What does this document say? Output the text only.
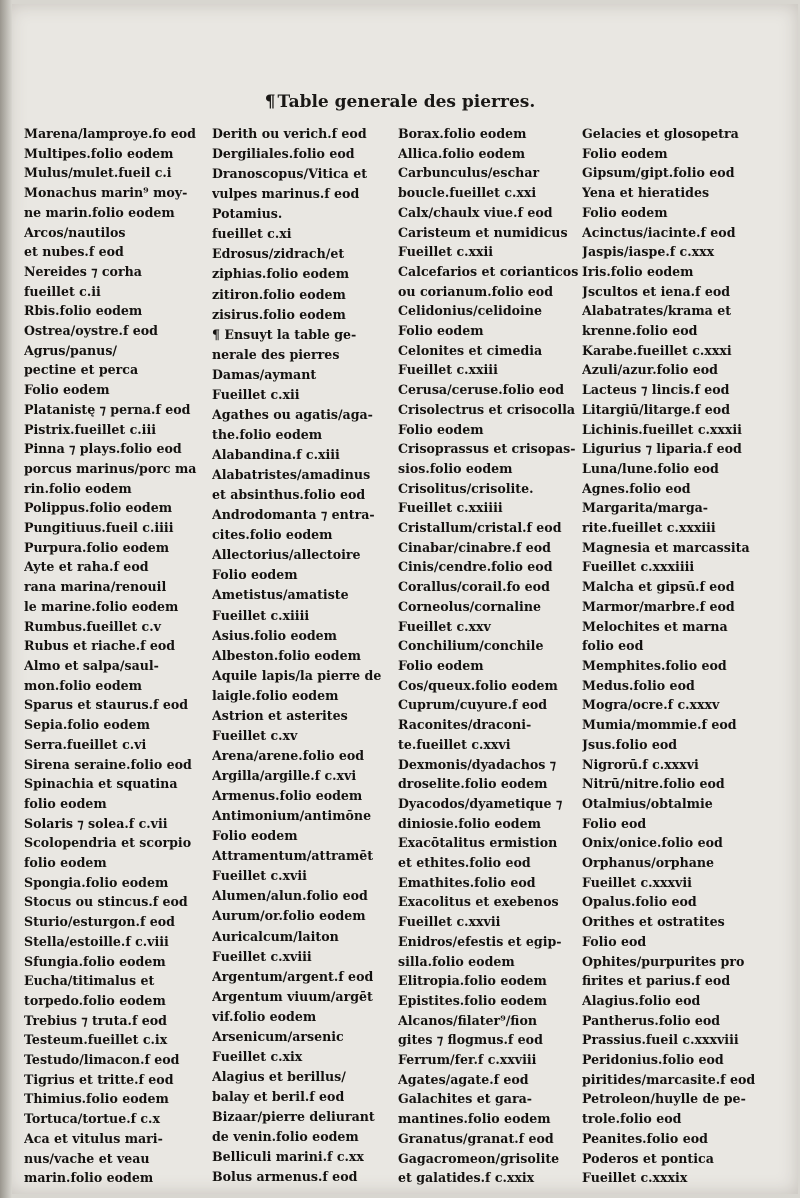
¶ Table generale des pierres.
Marena/lamproye.fo eod
Multipes.folio eodem
Mulus/mulet.fueil c.i
Monachus marin⁹ moy-
ne marin.folio eodem
Arcos/nautilos
et nubes.f eod
Nereides ⁊ corha
fueillet c.ii
Rbis.folio eodem
Ostrea/oystre.f eod
Agrus/panus/
pectine et perca
Folio eodem
Platanistę ⁊ perna.f eod
Pistrix.fueillet c.iii
Pinna ⁊ plays.folio eod
porcus marinus/porc ma
rin.folio eodem
Polippus.folio eodem
Pungitiuus.fueil c.iiii
Purpura.folio eodem
Ayte et raha.f eod
rana marina/renouil
le marine.folio eodem
Rumbus.fueillet c.v
Rubus et riache.f eod
Almo et salpa/saul-
mon.folio eodem
Sparus et staurus.f eod
Sepia.folio eodem
Serra.fueillet c.vi
Sirena seraine.folio eod
Spinachia et squatina
folio eodem
Solaris ⁊ solea.f c.vii
Scolopendria et scorpio
folio eodem
Spongia.folio eodem
Stocus ou stincus.f eod
Sturio/esturgon.f eod
Stella/estoille.f c.viii
Sfungia.folio eodem
Eucha/titimalus et
torpedo.folio eodem
Trebius ⁊ truta.f eod
Testeum.fueillet c.ix
Testudo/limacon.f eod
Tigrius et tritte.f eod
Thimius.folio eodem
Tortuca/tortue.f c.x
Aca et vitulus mari-
nus/vache et veau
marin.folio eodem
Derith ou verich.f eod
Dergiliales.folio eod
Dranoscopus/Vitica et
vulpes marinus.f eod
Potamius.
fueillet c.xi
Edrosus/zidrach/et
ziphias.folio eodem
zitiron.folio eodem
zisirus.folio eodem
¶ Ensuyt la table ge-
nerale des pierres
Damas/aymant
Fueillet c.xii
Agathes ou agatis/aga-
the.folio eodem
Alabandina.f c.xiii
Alabatristes/amadinus
et absinthus.folio eod
Androdomanta ⁊ entra-
cites.folio eodem
Allectorius/allectoire
Folio eodem
Ametistus/amatiste
Fueillet c.xiiii
Asius.folio eodem
Albeston.folio eodem
Aquile lapis/la pierre de
laigle.folio eodem
Astrion et asterites
Fueillet c.xv
Arena/arene.folio eod
Argilla/argille.f c.xvi
Armenus.folio eodem
Antimonium/antimōne
Folio eodem
Attramentum/attramēt
Fueillet c.xvii
Alumen/alun.folio eod
Aurum/or.folio eodem
Auricalcum/laiton
Fueillet c.xviii
Argentum/argent.f eod
Argentum viuum/argēt
vif.folio eodem
Arsenicum/arsenic
Fueillet c.xix
Alagius et berillus/
balay et beril.f eod
Bizaar/pierre deliurant
de venin.folio eodem
Belliculi marini.f c.xx
Bolus armenus.f eod
Borax.folio eodem
Allica.folio eodem
Carbunculus/eschar
boucle.fueillet c.xxi
Calx/chaulx viue.f eod
Caristeum et numidicus
Fueillet c.xxii
Calcefarios et corianticos
ou corianum.folio eod
Celidonius/celidoine
Folio eodem
Celonites et cimedia
Fueillet c.xxiii
Cerusa/ceruse.folio eod
Crisolectrus et crisocolla
Folio eodem
Crisoprassus et crisopas-
sios.folio eodem
Crisolitus/crisolite.
Fueillet c.xxiiii
Cristallum/cristal.f eod
Cinabar/cinabre.f eod
Cinis/cendre.folio eod
Corallus/corail.fo eod
Corneolus/cornaline
Fueillet c.xxv
Conchilium/conchile
Folio eodem
Cos/queux.folio eodem
Cuprum/cuyure.f eod
Raconites/draconi-
te.fueillet c.xxvi
Dexmonis/dyadachos ⁊
droselite.folio eodem
Dyacodos/dyametique ⁊
diniosie.folio eodem
Exacōtalitus ermistion
et ethites.folio eod
Emathites.folio eod
Exacolitus et exebenos
Fueillet c.xxvii
Enidros/efestis et egip-
silla.folio eodem
Elitropia.folio eodem
Epistites.folio eodem
Alcanos/filater⁹/fion
gites ⁊ flogmus.f eod
Ferrum/fer.f c.xxviii
Agates/agate.f eod
Galachites et gara-
mantines.folio eodem
Granatus/granat.f eod
Gagacromeon/grisolite
et galatides.f c.xxix
Gelacies et glosopetra
Folio eodem
Gipsum/gipt.folio eod
Yena et hieratides
Folio eodem
Acinctus/iacinte.f eod
Jaspis/iaspe.f c.xxx
Iris.folio eodem
Jscultos et iena.f eod
Alabatrates/krama et
krenne.folio eod
Karabe.fueillet c.xxxi
Azuli/azur.folio eod
Lacteus ⁊ lincis.f eod
Litargiū/litarge.f eod
Lichinis.fueillet c.xxxii
Ligurius ⁊ liparia.f eod
Luna/lune.folio eod
Agnes.folio eod
Margarita/marga-
rite.fueillet c.xxxiii
Magnesia et marcassita
Fueillet c.xxxiiii
Malcha et gipsū.f eod
Marmor/marbre.f eod
Melochites et marna
folio eod
Memphites.folio eod
Medus.folio eod
Mogra/ocre.f c.xxxv
Mumia/mommie.f eod
Jsus.folio eod
Nigrorū.f c.xxxvi
Nitrū/nitre.folio eod
Otalmius/obtalmie
Folio eod
Onix/onice.folio eod
Orphanus/orphane
Fueillet c.xxxvii
Opalus.folio eod
Orithes et ostratites
Folio eod
Ophites/purpurites pro
firites et parius.f eod
Alagius.folio eod
Pantherus.folio eod
Prassius.fueil c.xxxviii
Peridonius.folio eod
piritides/marcasite.f eod
Petroleon/huylle de pe-
trole.folio eod
Peanites.folio eod
Poderos et pontica
Fueillet c.xxxix
